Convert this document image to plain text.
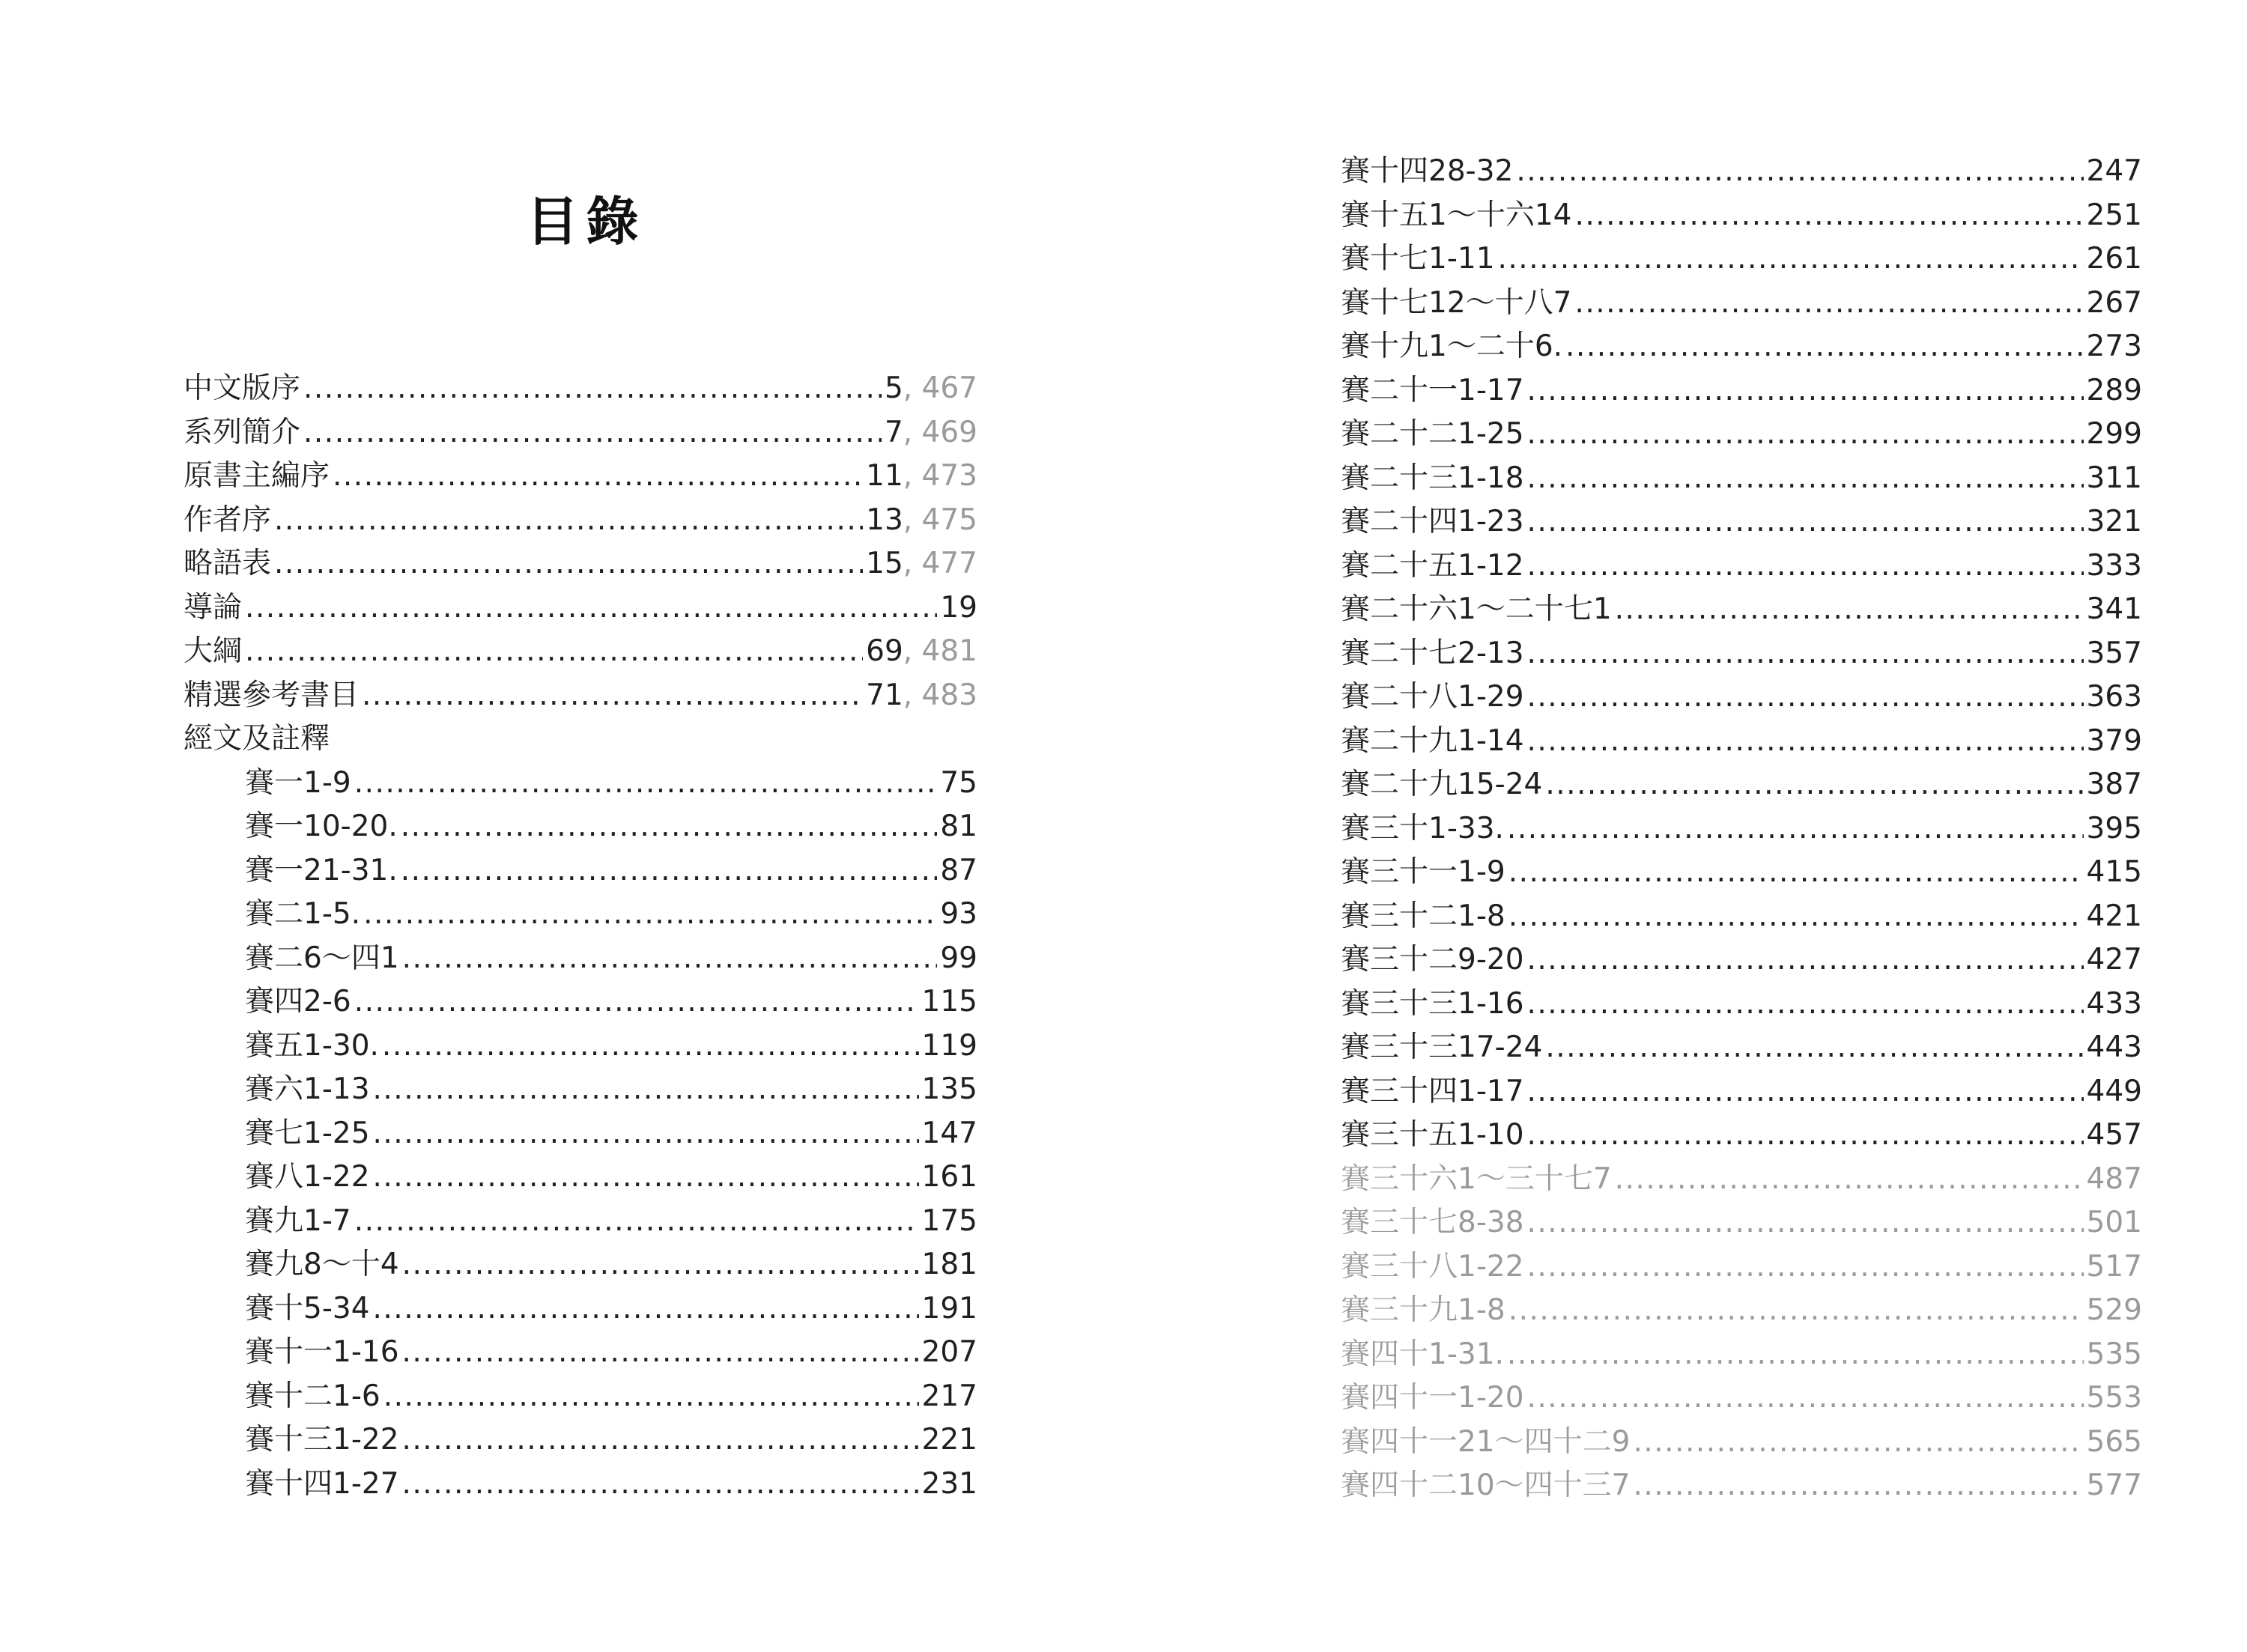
目錄
中文版序 .....	5 , 467
系列簡介 .....	7 , 469
原書主編序 .....	11 , 473
作者序 .....	13 , 475
略語表 .....	15 , 477
導論 .....	19
大綱 .....	69 , 481
精選參考書目 .....	71 , 483
經文及註釋
賽一1-9 .....	75
賽一10-20. .....	81
賽一21-31. .....	87
賽二1-5. .....	93
賽二6～四1 .....	99
賽四2-6 .....	115
賽五1-30. .....	119
賽六1-13 .....	135
賽七1-25 .....	147
賽八1-22 .....	161
賽九1-7 .....	175
賽九8～十4 .....	181
賽十5-34 .....	191
賽十一1-16 .....	207
賽十二1-6 .....	217
賽十三1-22 .....	221
賽十四1-27 .....	231
賽十四28-32 .....	247
賽十五1～十六14 .....	251
賽十七1-11 .....	261
賽十七12～十八7 .....	267
賽十九1～二十6. .....	273
賽二十一1-17 .....	289
賽二十二1-25 .....	299
賽二十三1-18 .....	311
賽二十四1-23 .....	321
賽二十五1-12 .....	333
賽二十六1～二十七1 .....	341
賽二十七2-13 .....	357
賽二十八1-29 .....	363
賽二十九1-14 .....	379
賽二十九15-24 .....	387
賽三十1-33. .....	395
賽三十一1-9 .....	415
賽三十二1-8 .....	421
賽三十二9-20 .....	427
賽三十三1-16 .....	433
賽三十三17-24 .....	443
賽三十四1-17 .....	449
賽三十五1-10 .....	457
賽三十六1～三十七7 .....	487
賽三十七8-38 .....	501
賽三十八1-22 .....	517
賽三十九1-8 .....	529
賽四十1-31. .....	535
賽四十一1-20 .....	553
賽四十一21～四十二9 .....	565
賽四十二10～四十三7 .....	577
